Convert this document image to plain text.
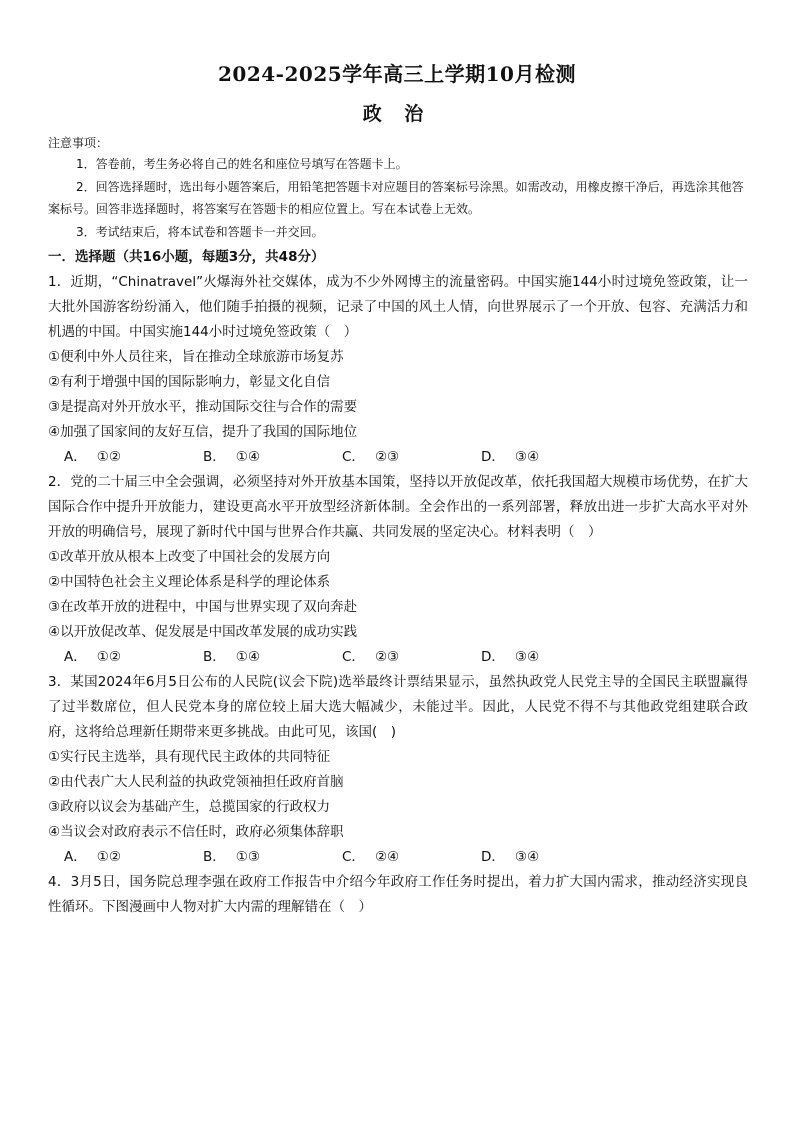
2024-2025学年高三上学期10月检测
政 治
注意事项：
1．答卷前，考生务必将自己的姓名和座位号填写在答题卡上。
2．回答选择题时，选出每小题答案后，用铅笔把答题卡对应题目的答案标号涂黑。如需改动，用橡皮擦干净后，再选涂其他答案标号。回答非选择题时，将答案写在答题卡的相应位置上。写在本试卷上无效。
3．考试结束后，将本试卷和答题卡一并交回。
一．选择题（共16小题，每题3分，共48分）
1．近期，“Chinatravel”火爆海外社交媒体，成为不少外网博主的流量密码。中国实施144小时过境免签政策，让一大批外国游客纷纷涌入，他们随手拍摄的视频，记录了中国的风土人情，向世界展示了一个开放、包容、充满活力和机遇的中国。中国实施144小时过境免签政策（　）
①便利中外人员往来，旨在推动全球旅游市场复苏
②有利于增强中国的国际影响力，彰显文化自信
③是提高对外开放水平，推动国际交往与合作的需要
④加强了国家间的友好互信，提升了我国的国际地位
A． ①②	B． ①④	C． ②③	D． ③④
2．党的二十届三中全会强调，必须坚持对外开放基本国策，坚持以开放促改革，依托我国超大规模市场优势，在扩大国际合作中提升开放能力，建设更高水平开放型经济新体制。全会作出的一系列部署，释放出进一步扩大高水平对外开放的明确信号，展现了新时代中国与世界合作共赢、共同发展的坚定决心。材料表明（　）
①改革开放从根本上改变了中国社会的发展方向
②中国特色社会主义理论体系是科学的理论体系
③在改革开放的进程中，中国与世界实现了双向奔赴
④以开放促改革、促发展是中国改革发展的成功实践
A． ①②	B． ①④	C． ②③	D． ③④
3．某国2024年6月5日公布的人民院(议会下院)选举最终计票结果显示，虽然执政党人民党主导的全国民主联盟赢得了过半数席位，但人民党本身的席位较上届大选大幅减少，未能过半。因此，人民党不得不与其他政党组建联合政府，这将给总理新任期带来更多挑战。由此可见，该国(　)
①实行民主选举，具有现代民主政体的共同特征
②由代表广大人民利益的执政党领袖担任政府首脑
③政府以议会为基础产生，总揽国家的行政权力
④当议会对政府表示不信任时，政府必须集体辞职
A． ①②	B． ①③	C． ②④	D． ③④
4．3月5日，国务院总理李强在政府工作报告中介绍今年政府工作任务时提出，着力扩大国内需求，推动经济实现良性循环。下图漫画中人物对扩大内需的理解错在（　）
